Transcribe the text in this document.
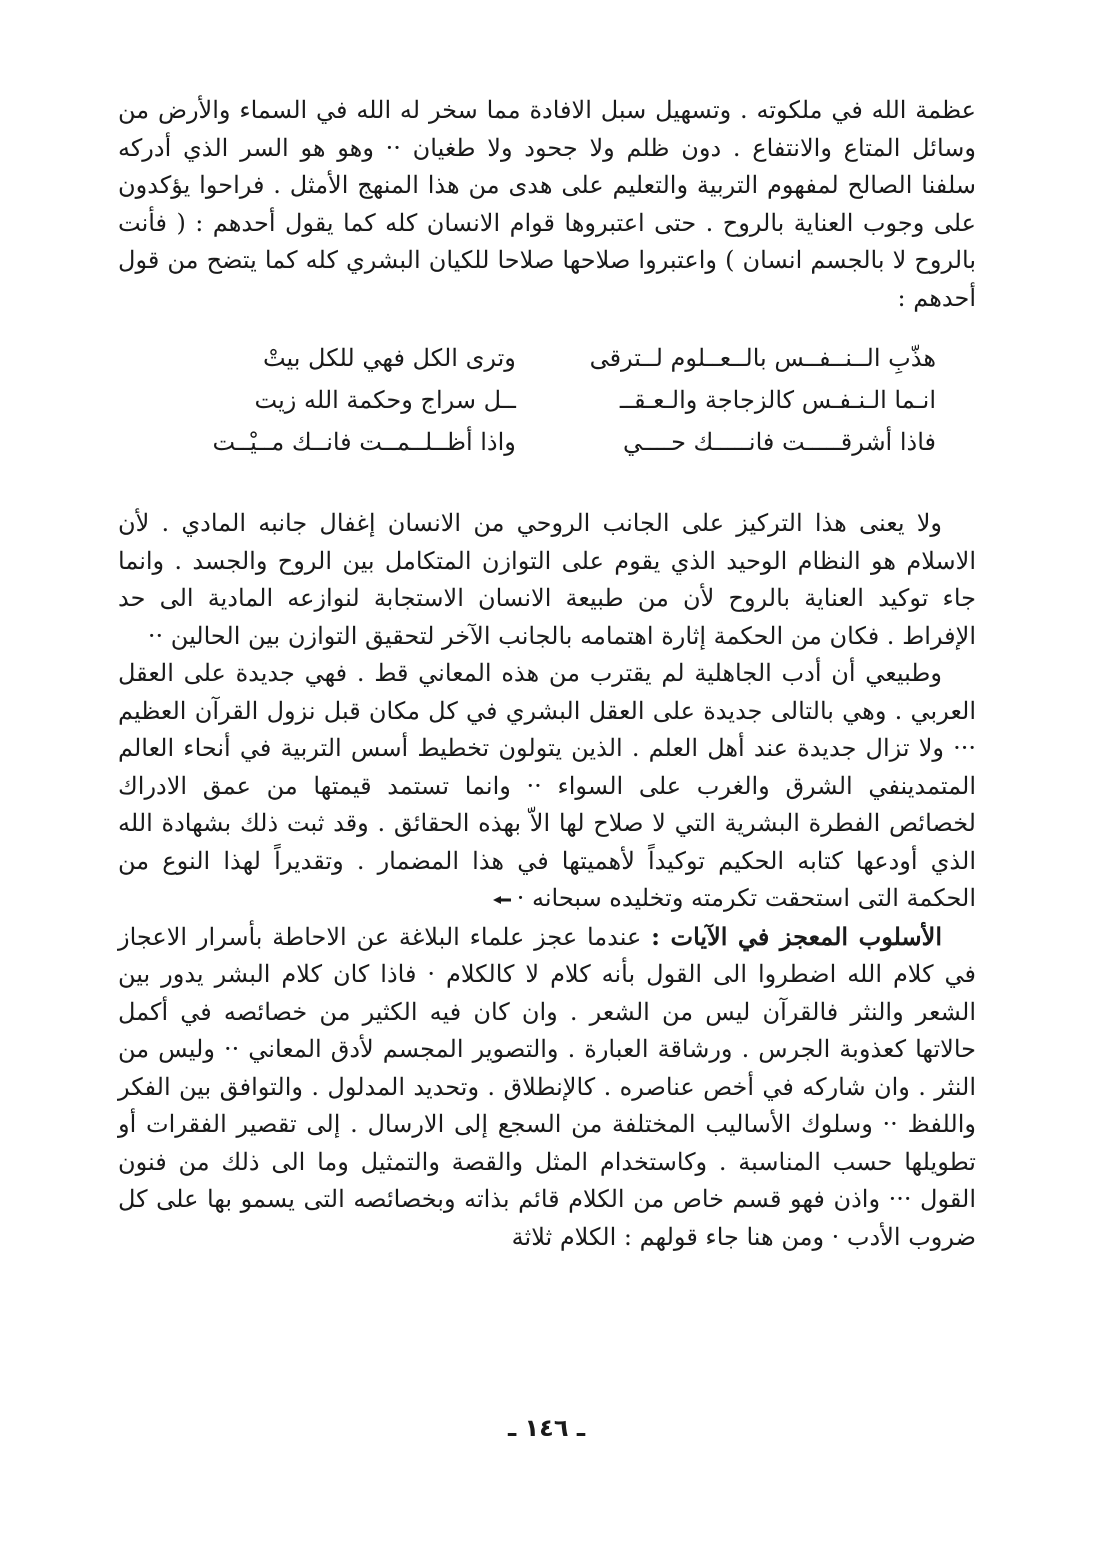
عظمة الله في ملكوته . وتسهيل سبل الافادة مما سخر له الله في السماء والأرض من وسائل المتاع والانتفاع . دون ظلم ولا جحود ولا طغيان ·· وهو هو السر الذي أدركه سلفنا الصالح لمفهوم التربية والتعليم على هدى من هذا المنهج الأمثل . فراحوا يؤكدون على وجوب العناية بالروح . حتى اعتبروها قوام الانسان كله كما يقول أحدهم : ( فأنت بالروح لا بالجسم انسان ) واعتبروا صلاحها صلاحا للكيان البشري كله كما يتضح من قول أحدهم :

هذّبِ الــنــفــس بالــعــلوم لــترقى
وترى الكل فهي للكل بيتْ
انـما الـنـفـس كالزجاجة والـعـقــ
ــل سراج وحكمة الله زيت
فاذا أشرقـــــت فانـــــك حــــي
واذا أظــلــمــت فانــك مــيْــت

ولا يعنى هذا التركيز على الجانب الروحي من الانسان إغفال جانبه المادي . لأن الاسلام هو النظام الوحيد الذي يقوم على التوازن المتكامل بين الروح والجسد . وانما جاء توكيد العناية بالروح لأن من طبيعة الانسان الاستجابة لنوازعه المادية الى حد الإفراط . فكان من الحكمة إثارة اهتمامه بالجانب الآخر لتحقيق التوازن بين الحالين ··

وطبيعي أن أدب الجاهلية لم يقترب من هذه المعاني قط . فهي جديدة على العقل العربي . وهي بالتالى جديدة على العقل البشري في كل مكان قبل نزول القرآن العظيم ··· ولا تزال جديدة عند أهل العلم . الذين يتولون تخطيط أسس التربية في أنحاء العالم المتمدينفي الشرق والغرب على السواء ·· وانما تستمد قيمتها من عمق الادراك لخصائص الفطرة البشرية التي لا صلاح لها الاّ بهذه الحقائق . وقد ثبت ذلك بشهادة الله الذي أودعها كتابه الحكيم توكيداً لأهميتها في هذا المضمار . وتقديراً لهذا النوع من الحكمة التى استحقت تكرمته وتخليده سبحانه ·

الأسلوب المعجز في الآيات : عندما عجز علماء البلاغة عن الاحاطة بأسرار الاعجاز في كلام الله اضطروا الى القول بأنه كلام لا كالكلام · فاذا كان كلام البشر يدور بين الشعر والنثر فالقرآن ليس من الشعر . وان كان فيه الكثير من خصائصه في أكمل حالاتها كعذوبة الجرس . ورشاقة العبارة . والتصوير المجسم لأدق المعاني ·· وليس من النثر . وان شاركه في أخص عناصره . كالإنطلاق . وتحديد المدلول . والتوافق بين الفكر واللفظ ·· وسلوك الأساليب المختلفة من السجع إلى الارسال . إلى تقصير الفقرات أو تطويلها حسب المناسبة . وكاستخدام المثل والقصة والتمثيل وما الى ذلك من فنون القول ··· واذن فهو قسم خاص من الكلام قائم بذاته وبخصائصه التى يسمو بها على كل ضروب الأدب · ومن هنا جاء قولهم : الكلام ثلاثة

ـ ١٤٦ ـ
